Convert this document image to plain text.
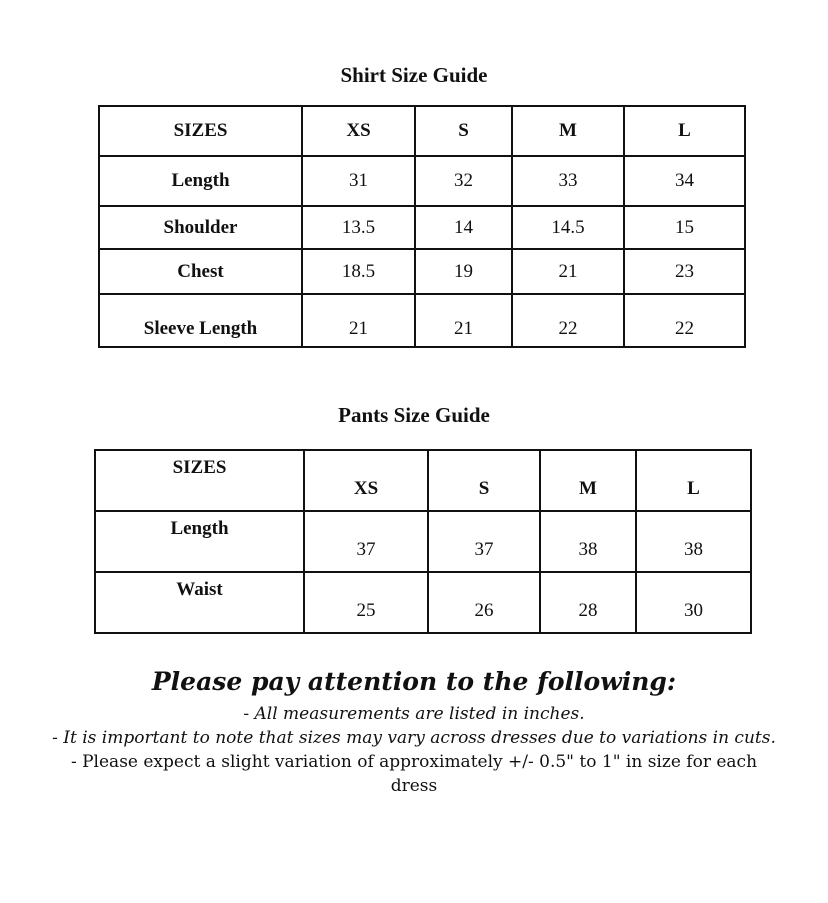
Shirt Size Guide
SIZES	XS	S	M	L
Length	31	32	33	34
Shoulder	13.5	14	14.5	15
Chest	18.5	19	21	23
Sleeve Length	21	21	22	22
Pants Size Guide
SIZES	XS	S	M	L
Length	37	37	38	38
Waist	25	26	28	30

Please pay attention to the following:

- All measurements are listed in inches.

- It is important to note that sizes may vary across dresses due to variations in cuts.

- Please expect a slight variation of approximately +/- 0.5" to 1" in size for each dress
